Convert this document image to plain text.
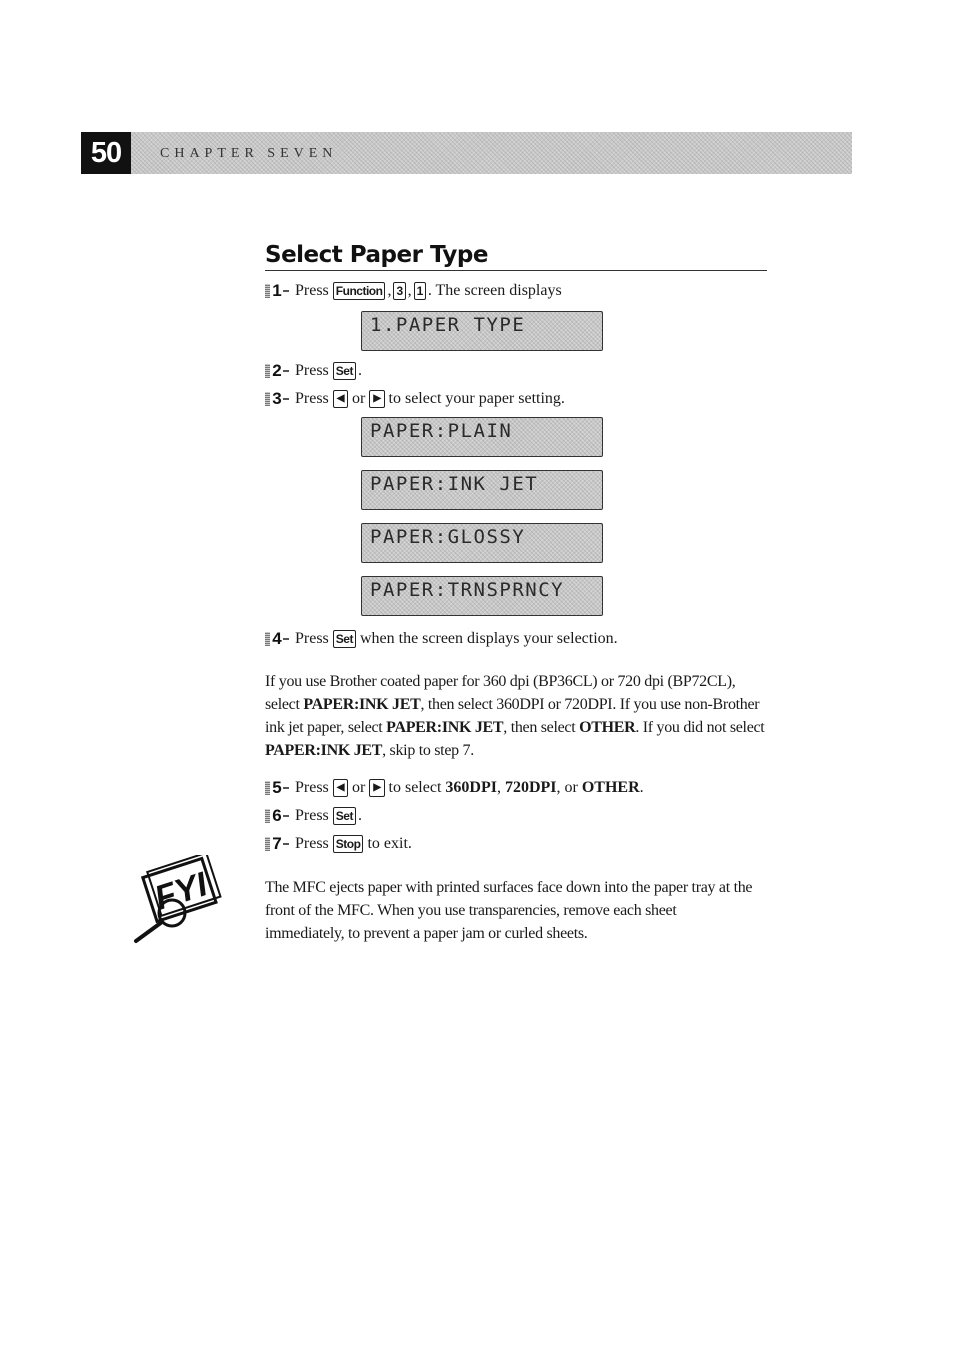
50	CHAPTER SEVEN
Select Paper Type
1 Press Function , 3 , 1 . The screen displays
1.PAPER TYPE
2 Press Set .
3 Press ◀ or ▶ to select your paper setting.
PAPER:PLAIN
PAPER:INK JET
PAPER:GLOSSY
PAPER:TRNSPRNCY
4 Press Set when the screen displays your selection.
If you use Brother coated paper for 360 dpi (BP36CL) or 720 dpi (BP72CL), select PAPER:INK JET, then select 360DPI or 720DPI. If you use non-Brother ink jet paper, select PAPER:INK JET, then select OTHER. If you did not select PAPER:INK JET, skip to step 7.
5 Press ◀ or ▶ to select 360DPI , 720DPI , or OTHER .
6 Press Set .
7 Press Stop to exit.
FYI	The MFC ejects paper with printed surfaces face down into the paper tray at the front of the MFC. When you use transparencies, remove each sheet immediately, to prevent a paper jam or curled sheets.
